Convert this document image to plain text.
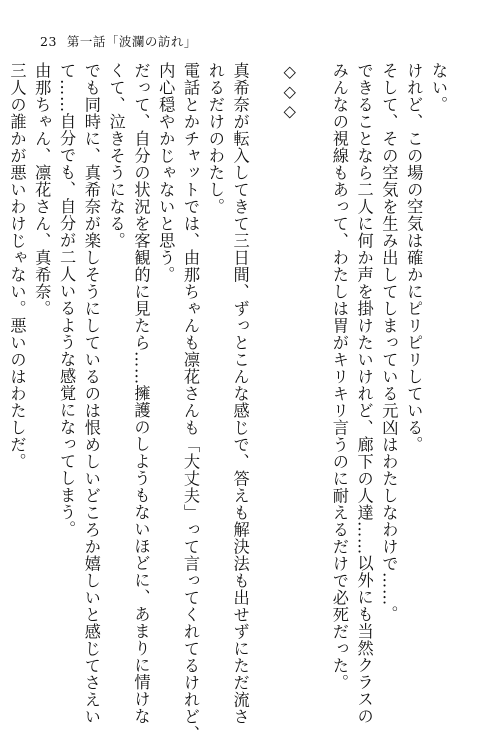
23 第一話「波瀾の訪れ」
ない。
けれど、この場の空気は確かにピリピリしている。
そして、その空気を生み出してしまっている元凶はわたしなわけで……。
できることなら二人に何か声を掛けたいけれど、廊下の人達……以外にも当然クラスの
みんなの視線もあって、わたしは胃がキリキリ言うのに耐えるだけで必死だった。
◇◇◇
真希奈が転入してきて三日間、ずっとこんな感じで、答えも解決法も出せずにただ流さ
れるだけのわたし。
電話とかチャットでは、由那ちゃんも凛花さんも「大丈夫」って言ってくれてるけれど、
内心穏やかじゃないと思う。
だって、自分の状況を客観的に見たら……擁護のしようもないほどに、あまりに情けな
くて、泣きそうになる。
でも同時に、真希奈が楽しそうにしているのは恨めしいどころか嬉しいと感じてさえい
て……自分でも、自分が二人いるような感覚になってしまう。
由那ちゃん、凛花さん、真希奈。
三人の誰かが悪いわけじゃない。悪いのはわたしだ。
